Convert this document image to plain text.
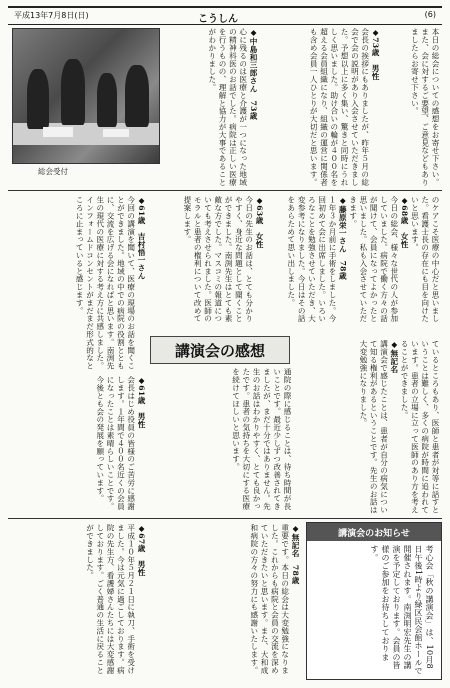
平成13年7月8日(日)	こうしん	(6)
総会受付	本日の総会についての感想をお寄せ下さい。また、会に対するご要望、ご意見などもありましたらお寄せ下さい。

◆73歳　男性

会長の挨拶にもありましたが、昨年５月の総会で会の説明があり入会させていただきました。予想以上に多く集い、驚きと同時にうれしく思いました。助け合いの輪が４００名を超える会員組織になり、組織の運営に関係者も含め会員一人ひとりが大切だと思います。

◆中島和三郎さん　73歳

心に残るのは医療と介護が一つになった地域の精神科医のお話でした。病院は正しい医療を行うものの、理解と協力が大事であることがわかりました。

のケアこそ医療の中心だと思いました。看護士長の存在にも目を向けたいと思います。

◆68歳　女性

今日の総会、様々な世代の人が参加していました。病院で働く方々の話が聞けて、会員になってよかったと思いました。私も入会させていただきます。

◆藤原栄一さん　78歳

１年３か月前に手術をしました。今回初めて会に出席しました。いろいろなことを勉強させていただき、大変参考になりました。今日はその話をあらためて思い出しました。

◆63歳　女性

今日の先生のお話は、とても分かりやすく、身近な問題として聞くことができました。南渕先生はとても素敵な方でした。マスコミの報道についても考えさせられました。医師のモラルと患者の権利について改めて提案します。

◆61歳　吉村悟一さん

今回の講演を聞いて、医療の現場のお話を聞くことができました。地域の中での病院の役割とともに、交流を広げる会になればと思います。南渕先生の現代の医療に対する考え方に共感しました。インフォームドコンセントがまだまだ形式的なところに止まっていると感じます。

講演会の感想	ているところもあり、医師と患者が対等に話すということは難しく、多くの病院が時間に追われています。患者の立場に立って医師のあり方を考えることができました。

◆無記名

講演会で感じたことは、患者が自分の病気について知る権利があるということです。先生のお話は大変勉強になりました。

通院の際に感じることは、待ち時間が長いことです。最近少しずつ改善されてきましたが、まだ十分ではありません。先生のお話はわかりやすく、とても良かったです。患者の気持ちを大切にする医療を続けてほしいと思います。

◆61歳　男性

会長はじめ役員の皆様のご苦労に感謝します。１年間で４００名近くの会員になったことは素晴らしいことです。今後とも会の発展を願っています。

◆無記名　78歳

重要です。本日の総会は大変勉強になりました。これからも病院と会員の交流を深めていただきたいと思います。また、大和成和病院の方々の努力にも感謝いたします。

◆67歳　男性

平成１０年５月２１日に執刀、手術を受けました。今は元気に過ごしております。病院の先生方、看護婦さんたちには大変感謝しております。ごく普通の生活に戻ることができました。	講演会のお知らせ

考心会「秋の講演会」は、10月8日午後1時より緑区民会館ホールで開催されます。南渕明宏先生の講演を予定しております。会員の皆様のご参加をお待ちしております。
